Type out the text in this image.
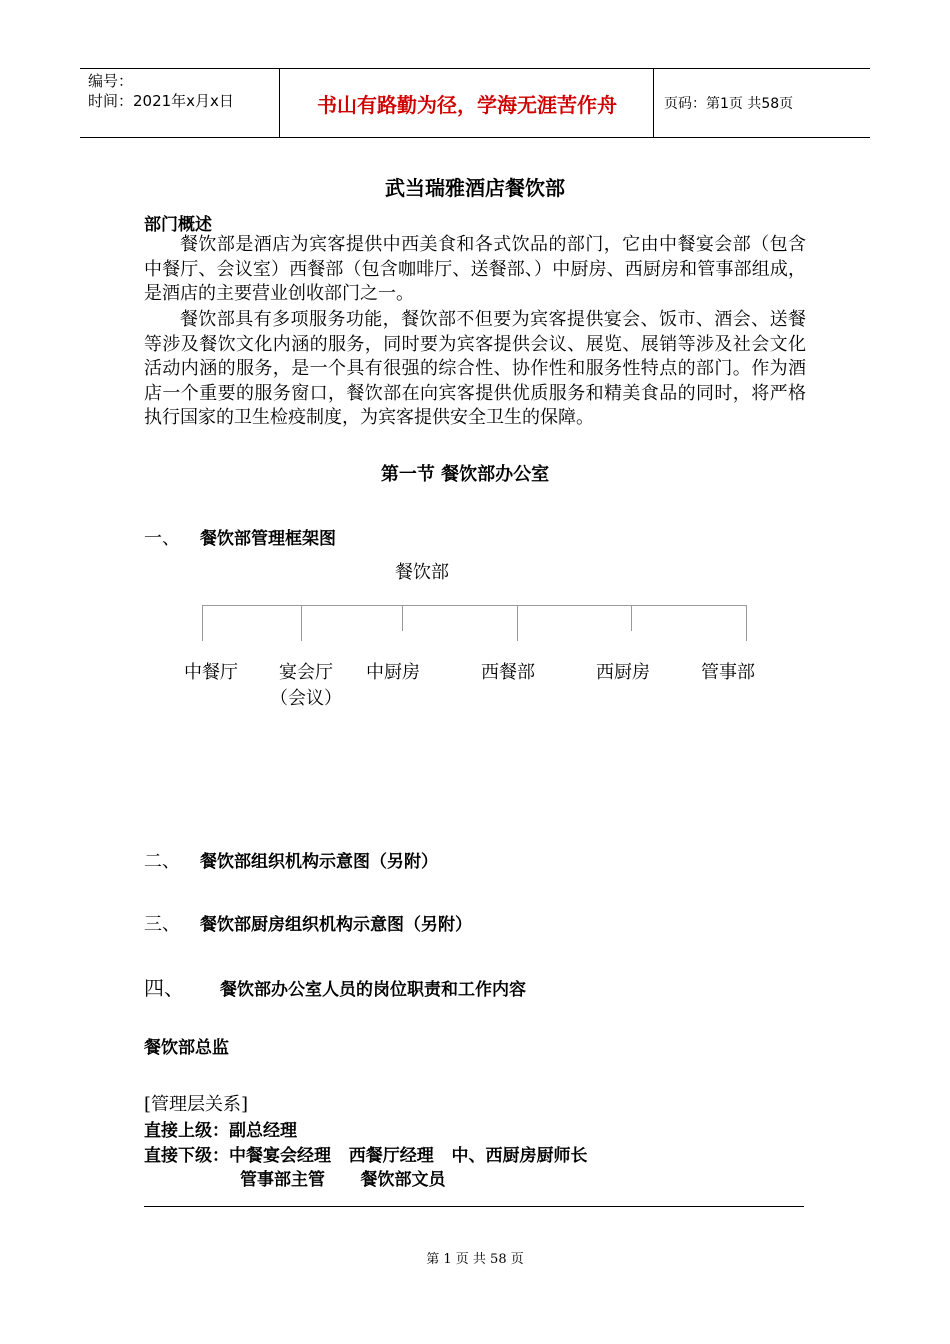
编号：
时间：2021年x月x日	书山有路勤为径，学海无涯苦作舟	页码：第1页 共58页
武当瑞雅酒店餐饮部
部门概述
餐饮部是酒店为宾客提供中西美食和各式饮品的部门，它由中餐宴会部（包含中餐厅、会议室）西餐部（包含咖啡厅、送餐部、）中厨房、西厨房和管事部组成，是酒店的主要营业创收部门之一。
餐饮部具有多项服务功能，餐饮部不但要为宾客提供宴会、饭市、酒会、送餐等涉及餐饮文化内涵的服务，同时要为宾客提供会议、展览、展销等涉及社会文化活动内涵的服务，是一个具有很强的综合性、协作性和服务性特点的部门。作为酒店一个重要的服务窗口，餐饮部在向宾客提供优质服务和精美食品的同时，将严格执行国家的卫生检疫制度，为宾客提供安全卫生的保障。
第一节 餐饮部办公室
一、 餐饮部管理框架图
餐饮部
中餐厅	宴会厅
（会议）
中厨房	西餐部	西厨房	管事部
二、 餐饮部组织机构示意图（另附）
三、 餐饮部厨房组织机构示意图（另附）
四、 餐饮部办公室人员的岗位职责和工作内容
餐饮部总监
[管理层关系]
直接上级：副总经理
直接下级：中餐宴会经理   西餐厅经理   中、西厨房厨师长
管事部主管      餐饮部文员
第 1 页 共 58 页
